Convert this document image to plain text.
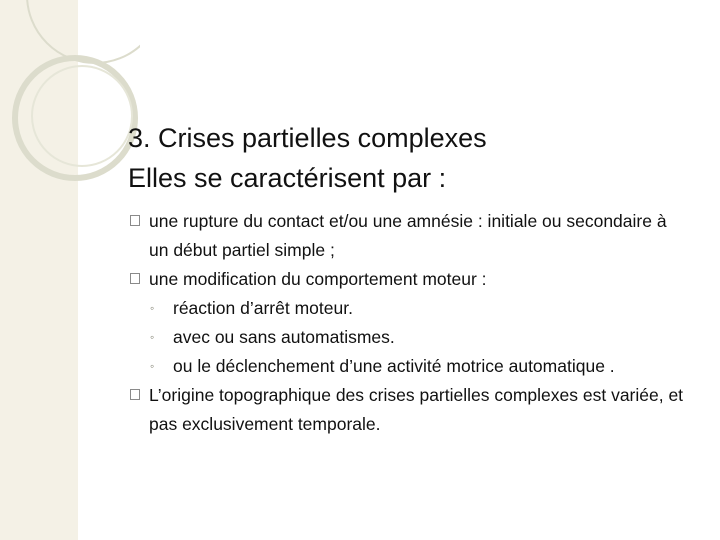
3. Crises partielles complexes
Elles se caractérisent par :
une rupture du contact et/ou une amnésie : initiale ou secondaire à un début partiel simple ;
une modification du comportement moteur :
◦ réaction d’arrêt moteur.
◦ avec ou sans automatismes.
◦ ou le déclenchement d’une activité motrice automatique .
L’origine topographique des crises partielles complexes est variée, et pas exclusivement temporale.
